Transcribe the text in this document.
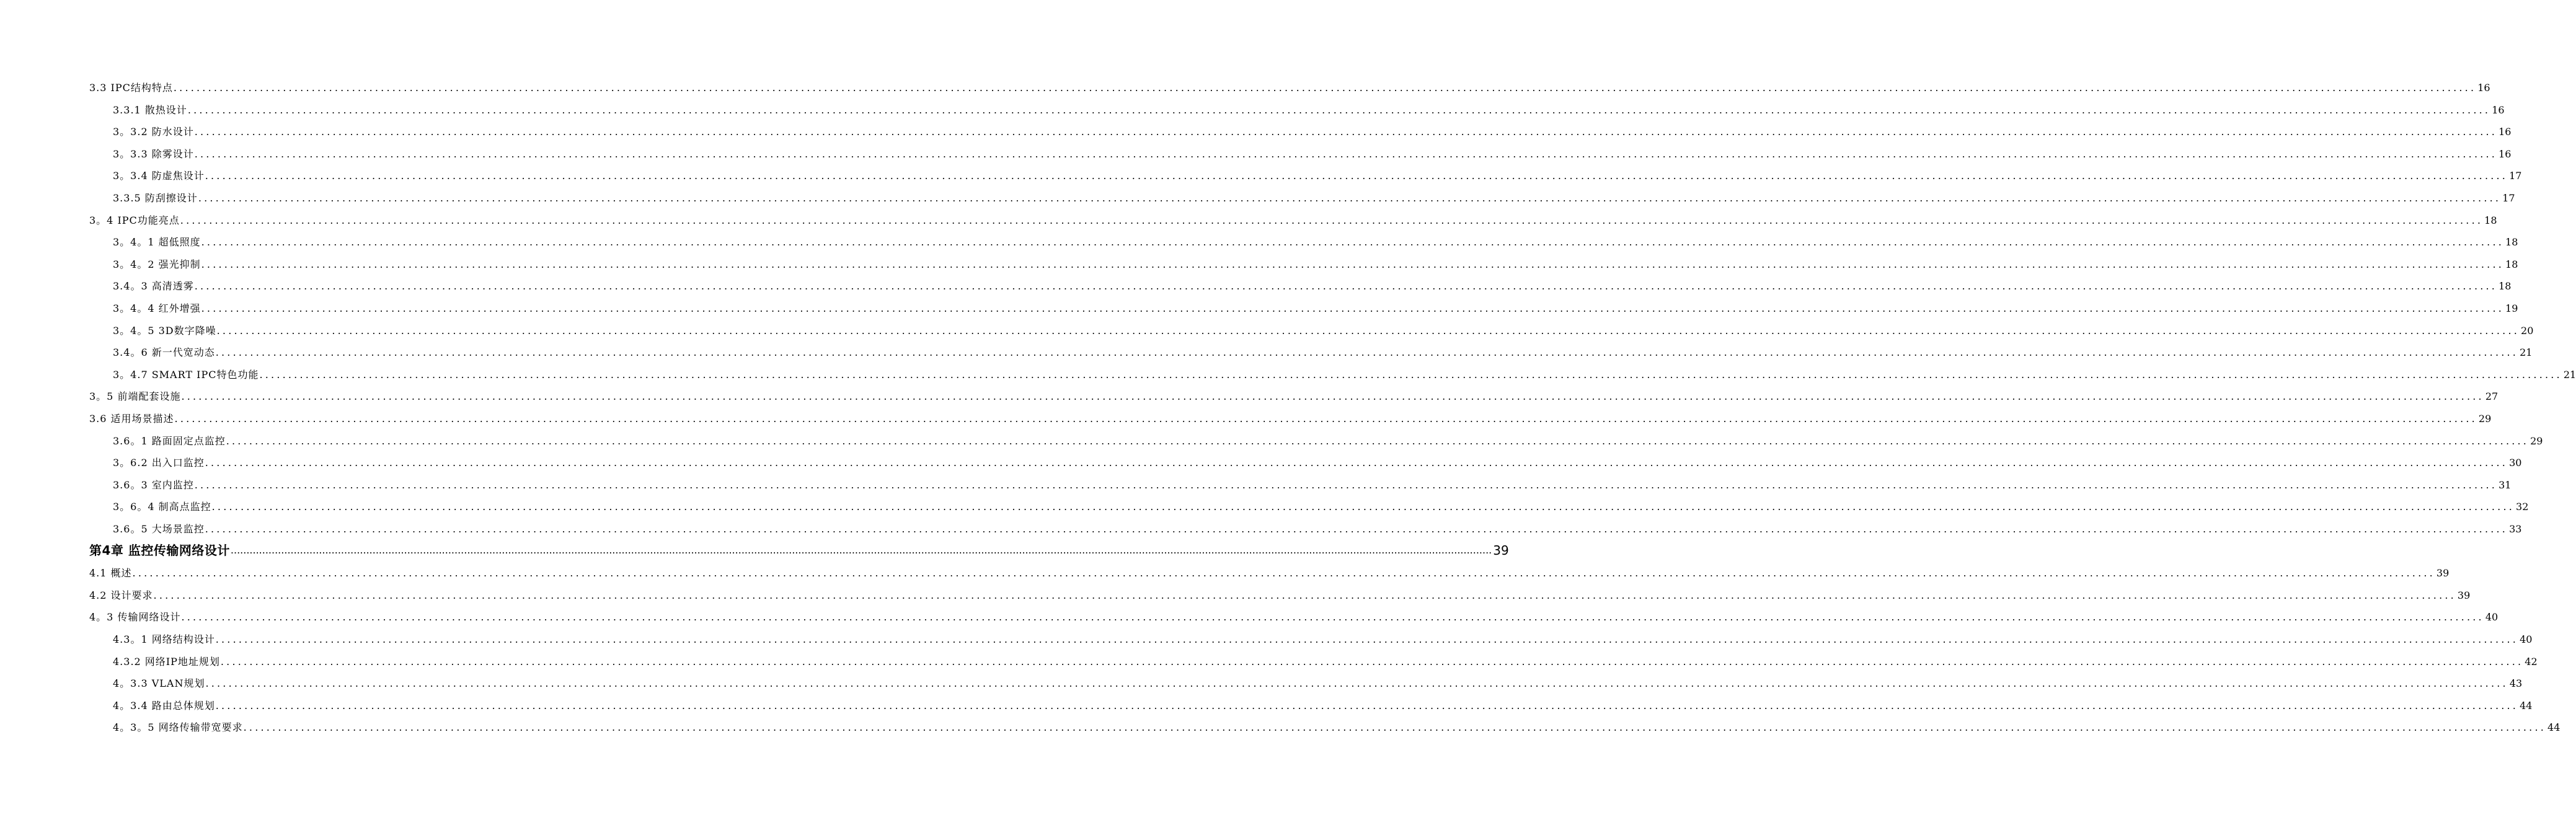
3.3 IPC结构特点 ................................................................................................................................................................................................................................................................................................................................................................................................................ 16
3.3.1 散热设计 ................................................................................................................................................................................................................................................................................................................................................................................................................ 16
3。3.2 防水设计 ................................................................................................................................................................................................................................................................................................................................................................................................................ 16
3。3.3 除雾设计 ................................................................................................................................................................................................................................................................................................................................................................................................................ 16
3。3.4 防虚焦设计 ................................................................................................................................................................................................................................................................................................................................................................................................................ 17
3.3.5 防刮擦设计 ................................................................................................................................................................................................................................................................................................................................................................................................................ 17
3。4 IPC功能亮点 ................................................................................................................................................................................................................................................................................................................................................................................................................ 18
3。4。1 超低照度 ................................................................................................................................................................................................................................................................................................................................................................................................................ 18
3。4。2 强光抑制 ................................................................................................................................................................................................................................................................................................................................................................................................................ 18
3.4。3 高清透雾 ................................................................................................................................................................................................................................................................................................................................................................................................................ 18
3。4。4 红外增强 ................................................................................................................................................................................................................................................................................................................................................................................................................ 19
3。4。5 3D数字降噪 ................................................................................................................................................................................................................................................................................................................................................................................................................ 20
3.4。6 新一代宽动态 ................................................................................................................................................................................................................................................................................................................................................................................................................ 21
3。4.7 SMART IPC特色功能 ................................................................................................................................................................................................................................................................................................................................................................................................................ 21
3。5 前端配套设施 ................................................................................................................................................................................................................................................................................................................................................................................................................ 27
3.6 适用场景描述 ................................................................................................................................................................................................................................................................................................................................................................................................................ 29
3.6。1 路面固定点监控 ................................................................................................................................................................................................................................................................................................................................................................................................................ 29
3。6.2 出入口监控 ................................................................................................................................................................................................................................................................................................................................................................................................................ 30
3.6。3 室内监控 ................................................................................................................................................................................................................................................................................................................................................................................................................ 31
3。6。4 制高点监控 ................................................................................................................................................................................................................................................................................................................................................................................................................ 32
3.6。5 大场景监控 ................................................................................................................................................................................................................................................................................................................................................................................................................ 33
第4章 监控传输网络设计 ................................................................................................................................................................................................................................................................................................................................................................................................................ 39
4.1 概述 ................................................................................................................................................................................................................................................................................................................................................................................................................ 39
4.2 设计要求 ................................................................................................................................................................................................................................................................................................................................................................................................................ 39
4。3 传输网络设计 ................................................................................................................................................................................................................................................................................................................................................................................................................ 40
4.3。1 网络结构设计 ................................................................................................................................................................................................................................................................................................................................................................................................................ 40
4.3.2 网络IP地址规划 ................................................................................................................................................................................................................................................................................................................................................................................................................ 42
4。3.3 VLAN规划 ................................................................................................................................................................................................................................................................................................................................................................................................................ 43
4。3.4 路由总体规划 ................................................................................................................................................................................................................................................................................................................................................................................................................ 44
4。3。5 网络传输带宽要求 ................................................................................................................................................................................................................................................................................................................................................................................................................ 44
